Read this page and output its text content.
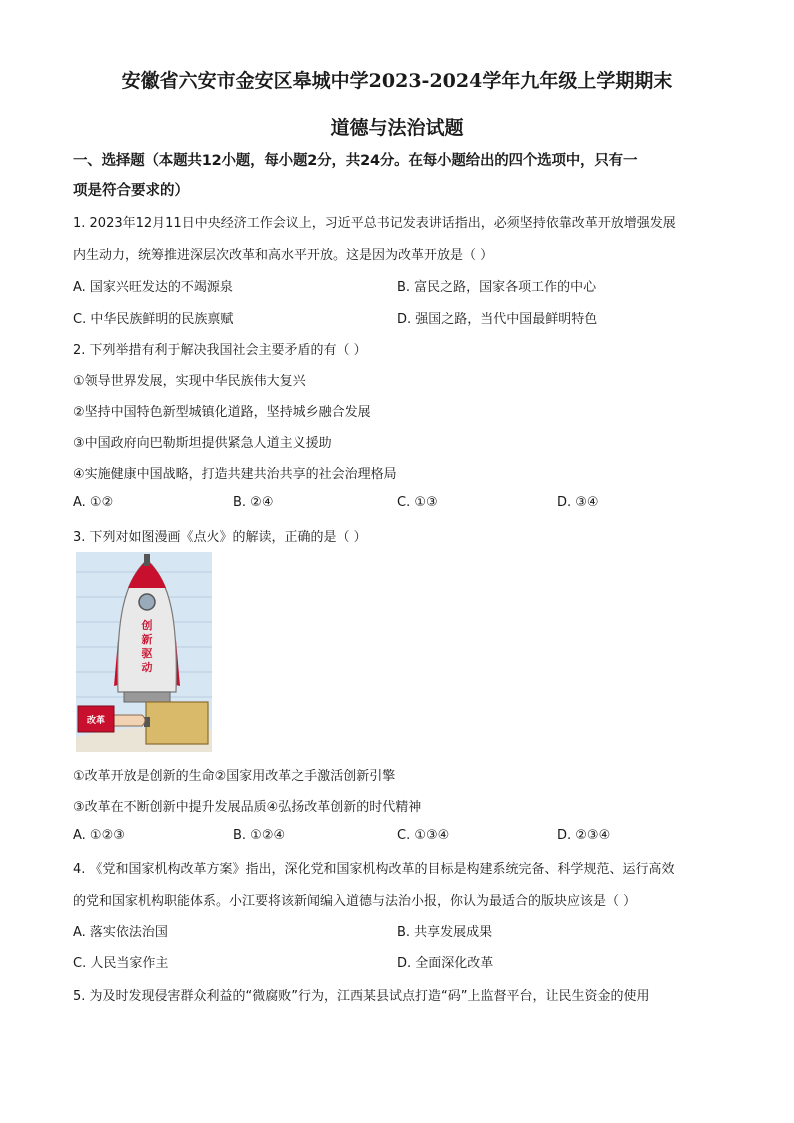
安徽省六安市金安区皋城中学2023-2024学年九年级上学期期末
道德与法治试题
一、选择题（本题共12小题，每小题2分，共24分。在每小题给出的四个选项中，只有一
项是符合要求的）
1. 2023年12月11日中央经济工作会议上，习近平总书记发表讲话指出，必须坚持依靠改革开放增强发展
内生动力，统筹推进深层次改革和高水平开放。这是因为改革开放是（ ）
A. 国家兴旺发达的不竭源泉	B. 富民之路，国家各项工作的中心
C. 中华民族鲜明的民族禀赋	D. 强国之路，当代中国最鲜明特色
2. 下列举措有利于解决我国社会主要矛盾的有（ ）
①领导世界发展，实现中华民族伟大复兴
②坚持中国特色新型城镇化道路，坚持城乡融合发展
③中国政府向巴勒斯坦提供紧急人道主义援助
④实施健康中国战略，打造共建共治共享的社会治理格局
A. ①②	B. ②④	C. ①③	D. ③④
3. 下列对如图漫画《点火》的解读，正确的是（ ）
创
新
驱
动
改革
①改革开放是创新的生命②国家用改革之手激活创新引擎
③改革在不断创新中提升发展品质④弘扬改革创新的时代精神
A. ①②③	B. ①②④	C. ①③④	D. ②③④
4. 《党和国家机构改革方案》指出，深化党和国家机构改革的目标是构建系统完备、科学规范、运行高效
的党和国家机构职能体系。小江要将该新闻编入道德与法治小报，你认为最适合的版块应该是（ ）
A. 落实依法治国	B. 共享发展成果
C. 人民当家作主	D. 全面深化改革
5. 为及时发现侵害群众利益的“微腐败”行为，江西某县试点打造“码”上监督平台，让民生资金的使用
